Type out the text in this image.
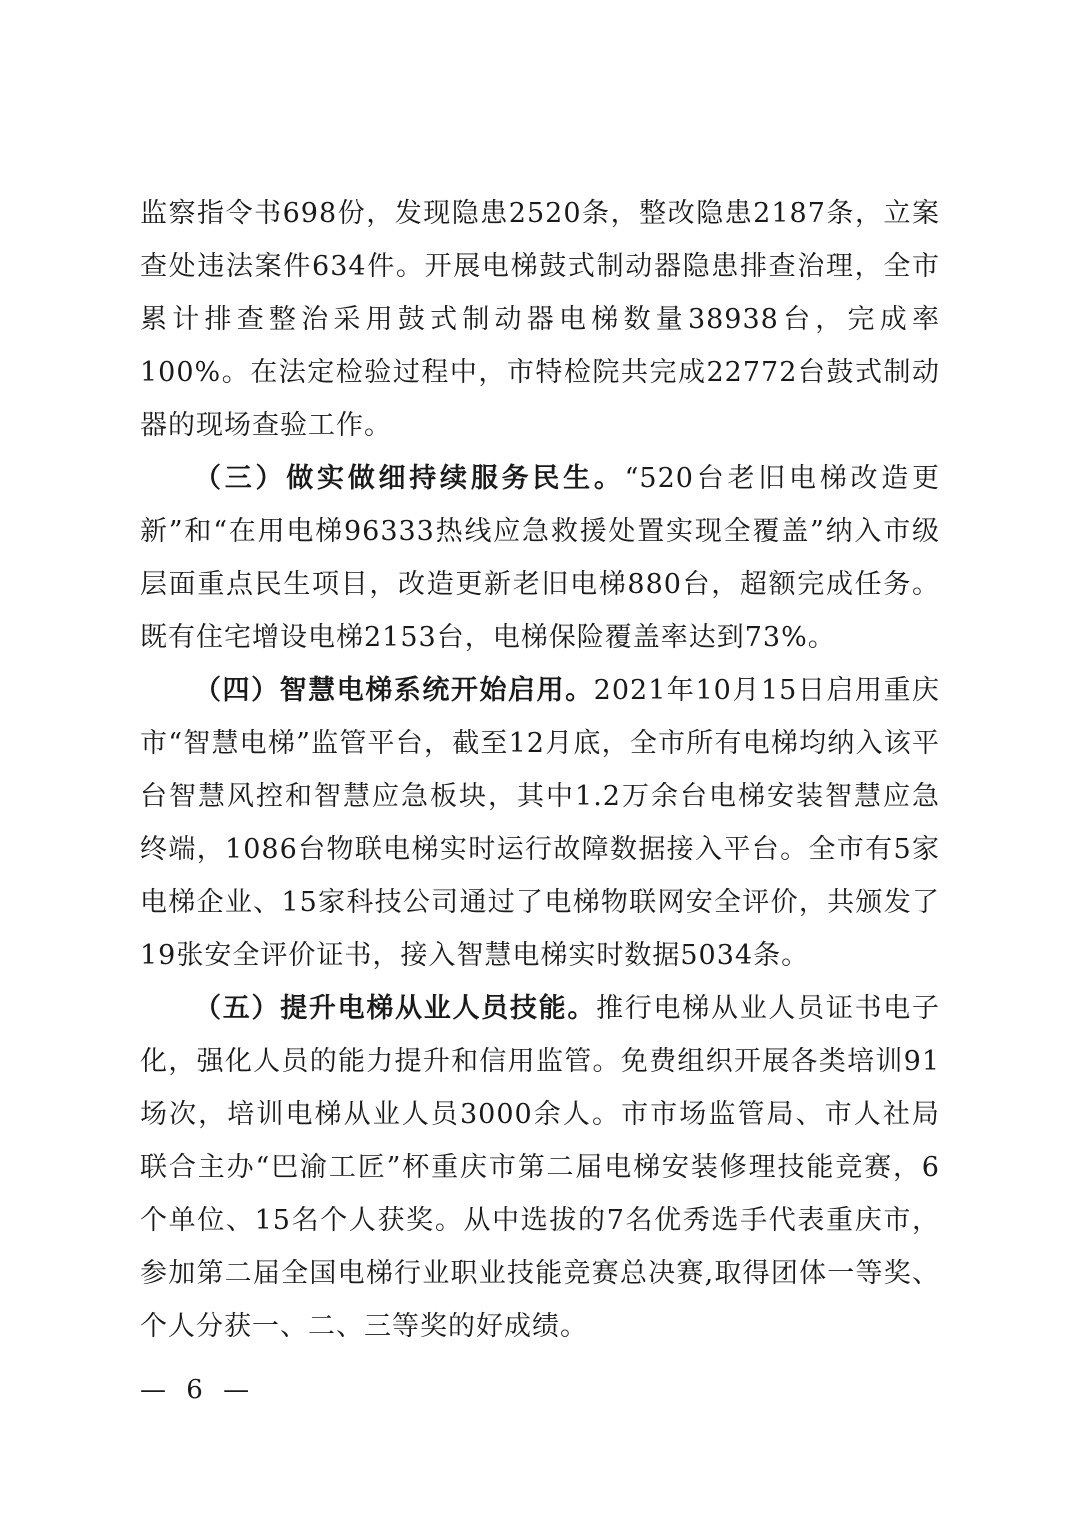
监察指令书698份，发现隐患2520条，整改隐患2187条，立案查处违法案件634件。开展电梯鼓式制动器隐患排查治理，全市累计排查整治采用鼓式制动器电梯数量38938台，完成率100%。在法定检验过程中，市特检院共完成22772台鼓式制动器的现场查验工作。

（三）做实做细持续服务民生。“520台老旧电梯改造更新”和“在用电梯96333热线应急救援处置实现全覆盖”纳入市级层面重点民生项目，改造更新老旧电梯880台，超额完成任务。既有住宅增设电梯2153台，电梯保险覆盖率达到73%。

（四）智慧电梯系统开始启用。2021年10月15日启用重庆市“智慧电梯”监管平台，截至12月底，全市所有电梯均纳入该平台智慧风控和智慧应急板块，其中1.2万余台电梯安装智慧应急终端，1086台物联电梯实时运行故障数据接入平台。全市有5家电梯企业、15家科技公司通过了电梯物联网安全评价，共颁发了19张安全评价证书，接入智慧电梯实时数据5034条。

（五）提升电梯从业人员技能。推行电梯从业人员证书电子化，强化人员的能力提升和信用监管。免费组织开展各类培训91场次，培训电梯从业人员3000余人。市市场监管局、市人社局联合主办“巴渝工匠”杯重庆市第二届电梯安装修理技能竞赛，6个单位、15名个人获奖。从中选拔的7名优秀选手代表重庆市，参加第二届全国电梯行业职业技能竞赛总决赛,取得团体一等奖、个人分获一、二、三等奖的好成绩。

— 6 —
